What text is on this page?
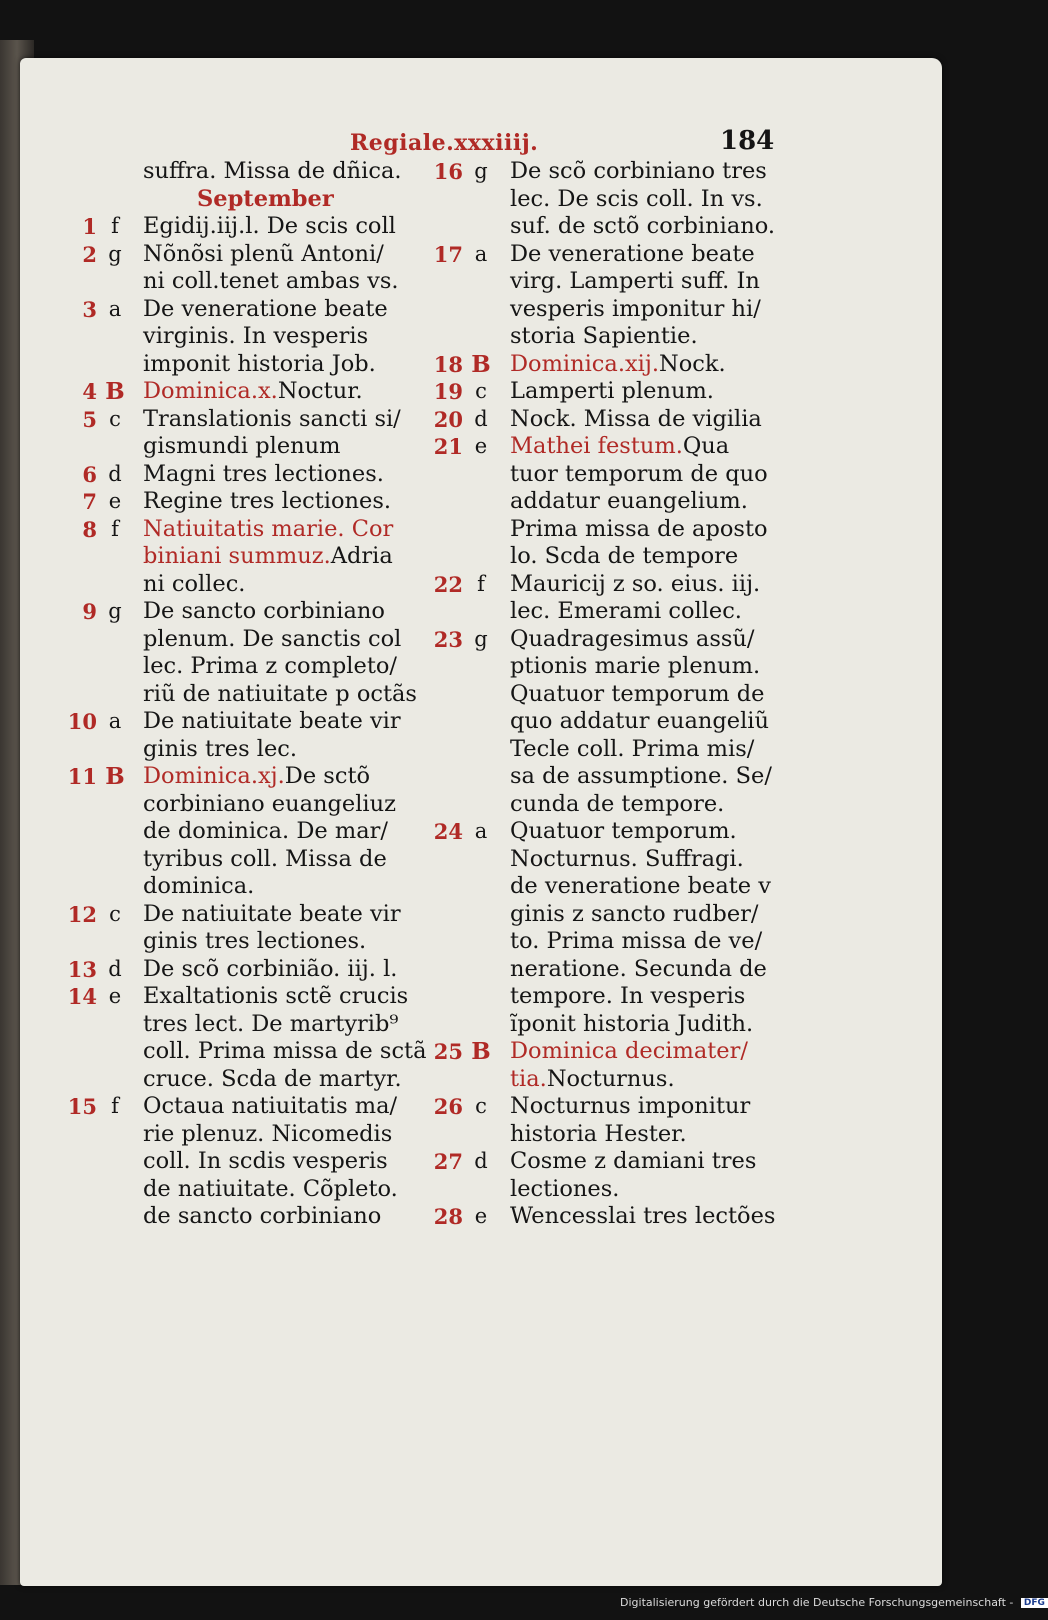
Regiale.xxxiiij.	184
suffra. Missa de dñica.
September
1 f	Egidij.iij.l. De scis coll
2 g Nõnõsi plenũ Antoni/
ni coll.tenet ambas vs.
3 a De veneratione beate
virginis. In vesperis
imponit historia Job.
4 B Dominica.x.Noctur.
5 c Translationis sancti si/
gismundi plenum
6 d Magni tres lectiones.
7 e Regine tres lectiones.
8 f	Natiuitatis marie. Cor
biniani summuz.Adria
ni collec.
9 g De sancto corbiniano
plenum. De sanctis col
lec. Prima z completo/
riũ de natiuitate p octãs
10 a De natiuitate beate vir
ginis tres lec.
11 B Dominica.xj.De sctõ
corbiniano euangeliuz
de dominica. De mar/
tyribus coll. Missa de
dominica.
12 c De natiuitate beate vir
ginis tres lectiones.
13 d De scõ corbinião. iij. l.
14 e Exaltationis sctẽ crucis
tres lect. De martyrib⁹
coll. Prima missa de sctã
cruce. Scda de martyr.
15 f	Octaua natiuitatis ma/
rie plenuz. Nicomedis
coll. In scdis vesperis
de natiuitate. Cõpleto.
de sancto corbiniano
16 g De scõ corbiniano tres
lec. De scis coll. In vs.
suf. de sctõ corbiniano.
17 a De veneratione beate
virg. Lamperti suff. In
vesperis imponitur hi/
storia Sapientie.
18 B Dominica.xij.Nock.
19 c Lamperti plenum.
20 d Nock. Missa de vigilia
21 e Mathei festum.Qua
tuor temporum de quo
addatur euangelium.
Prima missa de aposto
lo. Scda de tempore
22 f	Mauricij z so. eius. iij.
lec. Emerami collec.
23 g Quadragesimus assũ/
ptionis marie plenum.
Quatuor temporum de
quo addatur euangeliũ
Tecle coll. Prima mis/
sa de assumptione. Se/
cunda de tempore.
24 a Quatuor temporum.
Nocturnus. Suffragi.
de veneratione beate v
ginis z sancto rudber/
to. Prima missa de ve/
neratione. Secunda de
tempore. In vesperis
ĩponit historia Judith.
25 B Dominica decimater/
tia.Nocturnus.
26 c Nocturnus imponitur
historia Hester.
27 d Cosme z damiani tres
lectiones.
28 e Wencesslai tres lectões
Digitalisierung gefördert durch die Deutsche Forschungsgemeinschaft - DFG
